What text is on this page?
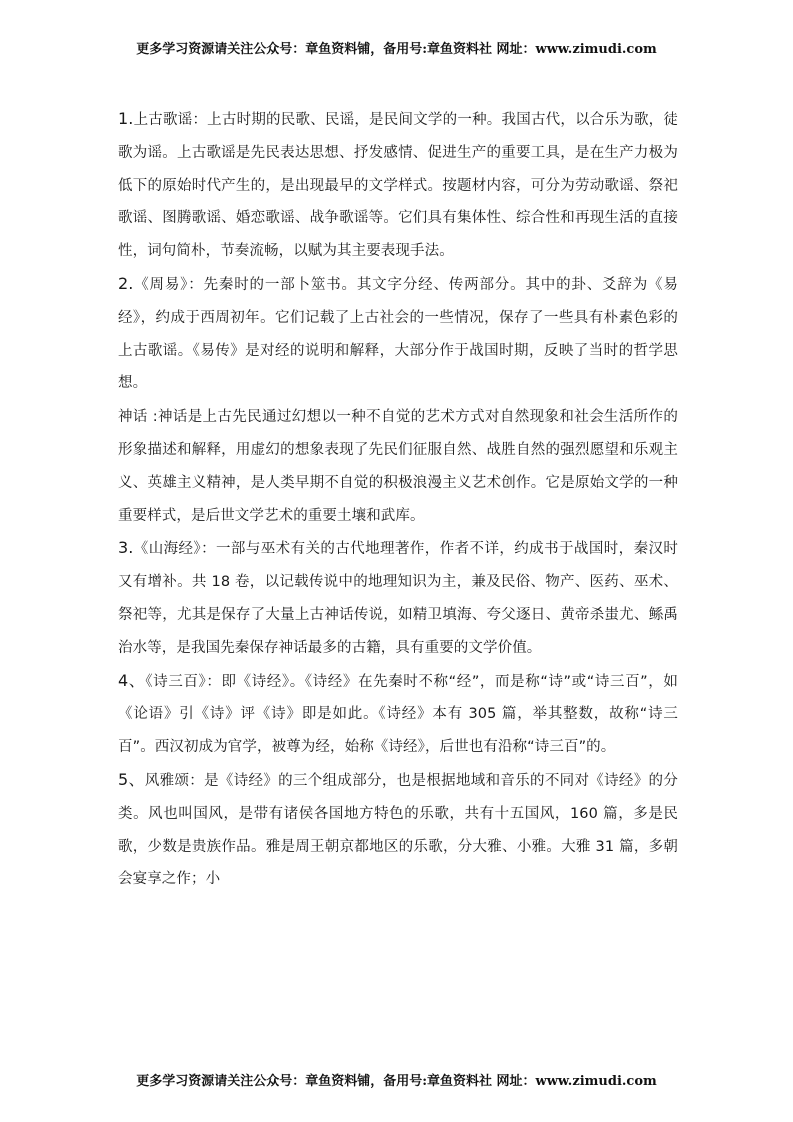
更多学习资源请关注公众号：章鱼资料铺，备用号:章鱼资料社 网址：www.zimudi.com

1.上古歌谣：上古时期的民歌、民谣，是民间文学的一种。我国古代，以合乐为歌，徒歌为谣。上古歌谣是先民表达思想、抒发感情、促进生产的重要工具，是在生产力极为低下的原始时代产生的，是出现最早的文学样式。按题材内容，可分为劳动歌谣、祭祀歌谣、图腾歌谣、婚恋歌谣、战争歌谣等。它们具有集体性、综合性和再现生活的直接性，词句简朴，节奏流畅，以赋为其主要表现手法。

2.《周易》：先秦时的一部卜筮书。其文字分经、传两部分。其中的卦、爻辞为《易经》，约成于西周初年。它们记载了上古社会的一些情况，保存了一些具有朴素色彩的上古歌谣。《易传》是对经的说明和解释，大部分作于战国时期，反映了当时的哲学思想。

神话 :神话是上古先民通过幻想以一种不自觉的艺术方式对自然现象和社会生活所作的形象描述和解释，用虚幻的想象表现了先民们征服自然、战胜自然的强烈愿望和乐观主义、英雄主义精神，是人类早期不自觉的积极浪漫主义艺术创作。它是原始文学的一种重要样式，是后世文学艺术的重要土壤和武库。

3.《山海经》：一部与巫术有关的古代地理著作，作者不详，约成书于战国时，秦汉时又有增补。共 18 卷，以记载传说中的地理知识为主，兼及民俗、物产、医药、巫术、祭祀等，尤其是保存了大量上古神话传说，如精卫填海、夸父逐日、黄帝杀蚩尤、鲧禹治水等，是我国先秦保存神话最多的古籍，具有重要的文学价值。

4、《诗三百》：即《诗经》。《诗经》在先秦时不称“经”，而是称“诗”或“诗三百”，如《论语》引《诗》评《诗》即是如此。《诗经》本有 305 篇，举其整数，故称“诗三百”。西汉初成为官学，被尊为经，始称《诗经》，后世也有沿称“诗三百”的。

5、风雅颂：是《诗经》的三个组成部分，也是根据地域和音乐的不同对《诗经》的分类。风也叫国风，是带有诸侯各国地方特色的乐歌，共有十五国风，160 篇，多是民歌，少数是贵族作品。雅是周王朝京都地区的乐歌，分大雅、小雅。大雅 31 篇，多朝会宴享之作；小

更多学习资源请关注公众号：章鱼资料铺，备用号:章鱼资料社 网址：www.zimudi.com
